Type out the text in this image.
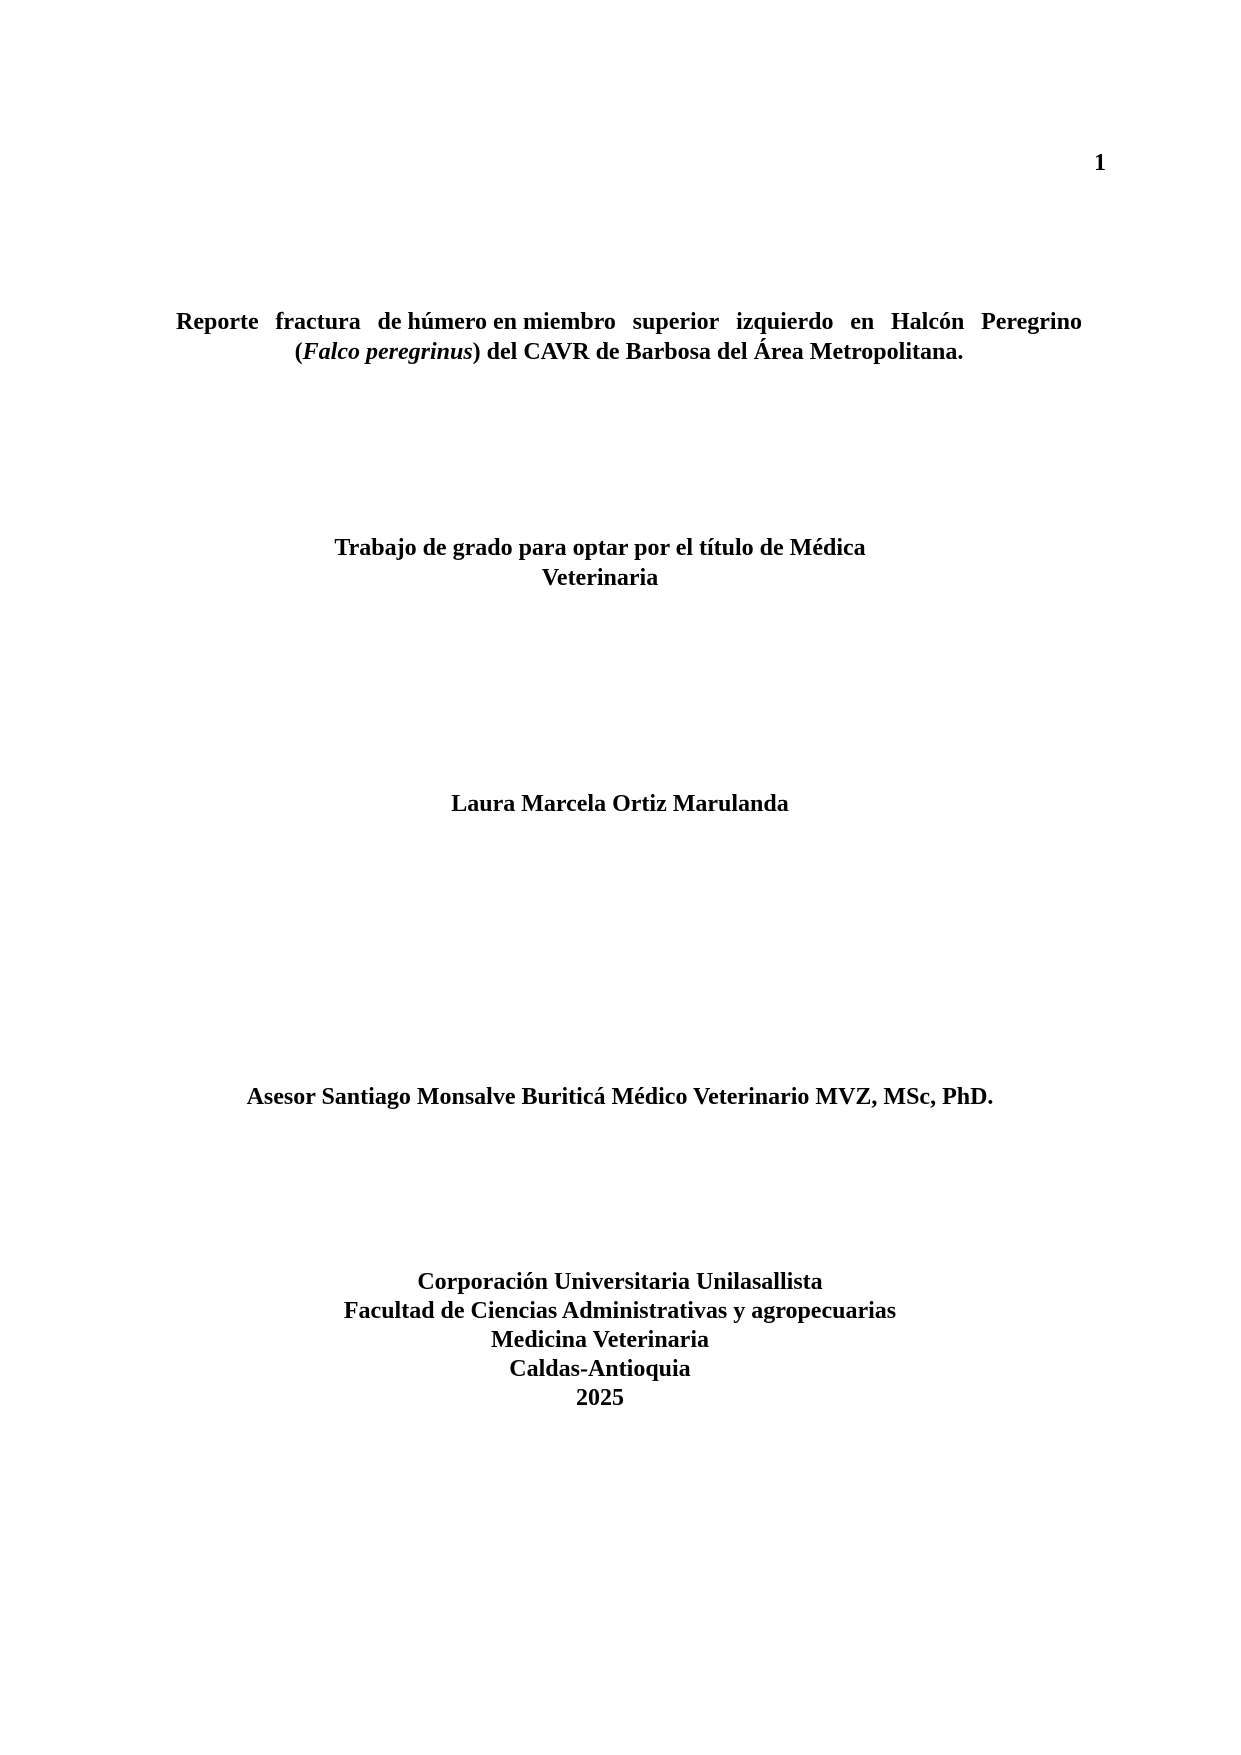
1
Reporte fractura de húmero en miembro superior izquierdo en Halcón Peregrino
(Falco peregrinus) del CAVR de Barbosa del Área Metropolitana.
Trabajo de grado para optar por el título de Médica
Veterinaria
Laura Marcela Ortiz Marulanda
Asesor Santiago Monsalve Buriticá Médico Veterinario MVZ, MSc, PhD.
Corporación Universitaria Unilasallista
Facultad de Ciencias Administrativas y agropecuarias
Medicina Veterinaria
Caldas-Antioquia
2025
